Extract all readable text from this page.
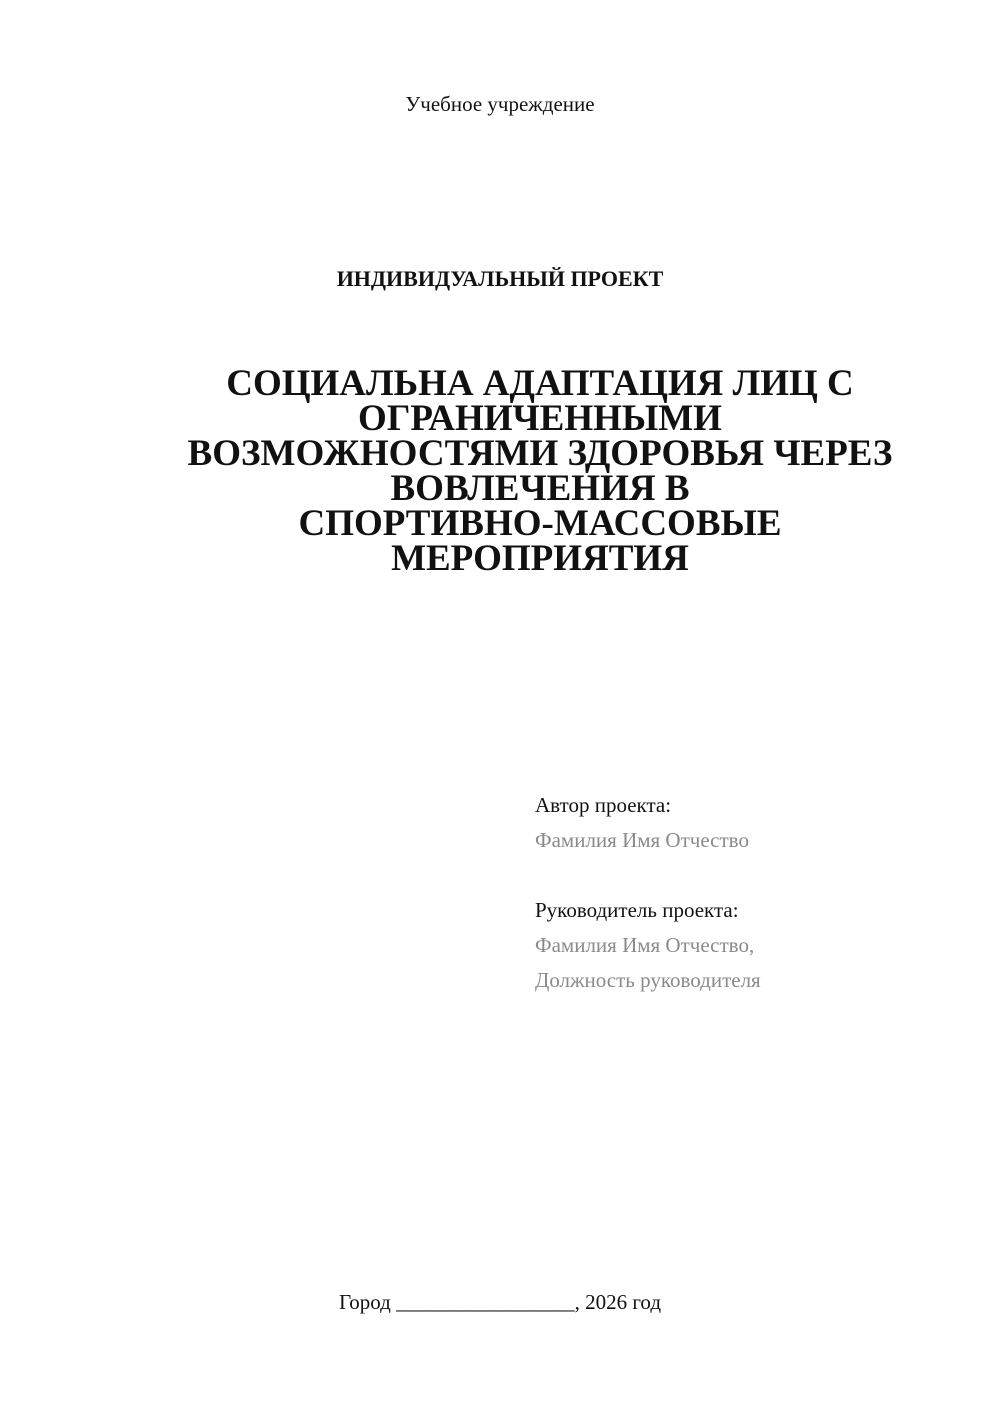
Учебное учреждение
ИНДИВИДУАЛЬНЫЙ ПРОЕКТ
СОЦИАЛЬНА АДАПТАЦИЯ ЛИЦ С
ОГРАНИЧЕННЫМИ
ВОЗМОЖНОСТЯМИ ЗДОРОВЬЯ ЧЕРЕЗ
ВОВЛЕЧЕНИЯ В
СПОРТИВНО-МАССОВЫЕ
МЕРОПРИЯТИЯ
Автор проекта:
Фамилия Имя Отчество
Руководитель проекта:
Фамилия Имя Отчество,
Должность руководителя
Город _________________, 2026 год
